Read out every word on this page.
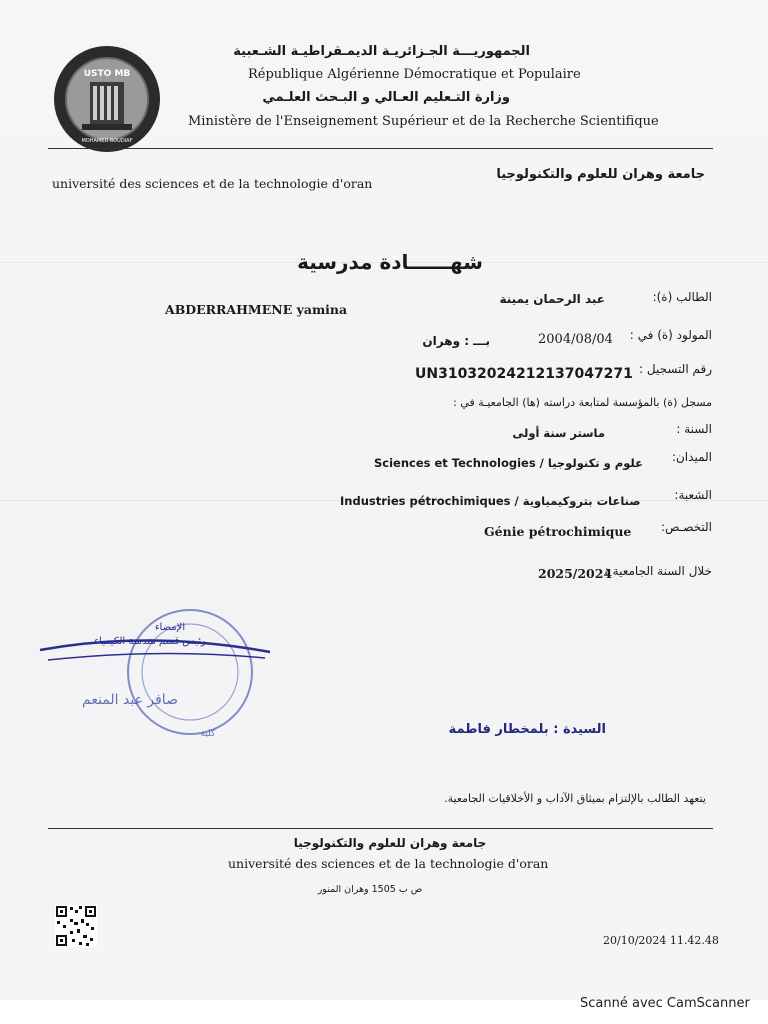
USTO MB
MOHAMED BOUDIAF
الجمهوريـــة الجـزائريـة الديمـقراطيـة الشـعبية
République Algérienne Démocratique et Populaire
وزارة التـعليم العـالي و البـحث العلـمي
Ministère de l'Enseignement Supérieur et de la Recherche Scientifique
université des sciences et de la technologie d'oran
جامعة وهران للعلوم والتكنولوجيا
شهــــــادة مدرسية
الطالب (ة):
عبد الرحمان يمينة
ABDERRAHMENE yamina
المولود (ة) في :
2004/08/04
بـــ : وهران
رقم التسجيل :
UN31032024212137047271
مسجل (ة) بالمؤسسة لمتابعة دراسته (ها) الجامعيـة في :
السنة :
ماستر سنة أولى
الميدان:
Sciences et Technologies / علوم و تكنولوجيا
الشعبة:
Industries pétrochimiques / صناعات بتروكيمياوية
التخصـص:
Génie pétrochimique
خلال السنة الجامعية :
2025/2024
الإمضاء
رئيس قسم هندسة الكيمياء
صافر عبد المنعم
كلية	السيدة : بلمخطار فاطمة
يتعهد الطالب بالإلتزام بميثاق الآداب و الأخلاقيات الجامعية.
جامعة وهران للعلوم والتكنولوجيا
université des sciences et de la technologie d'oran
ص ب 1505 وهران المنور
20/10/2024 11.42.48
Scanné avec CamScanner
